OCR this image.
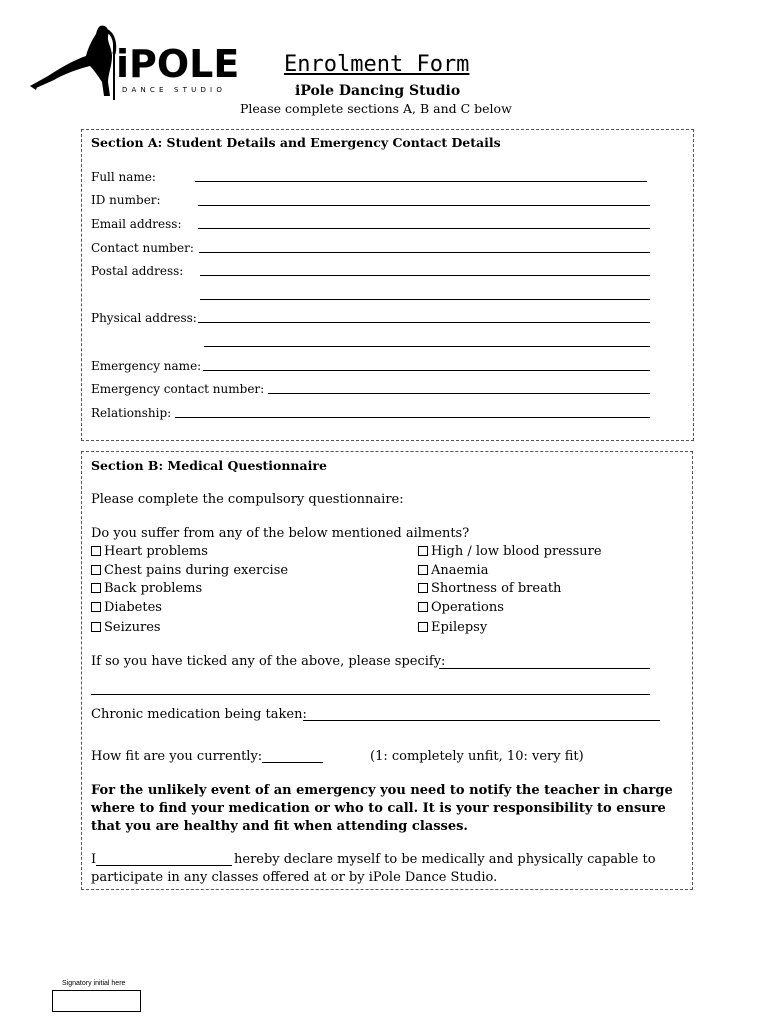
iPOLE
DANCE STUDIO
Enrolment Form
iPole Dancing Studio
Please complete sections A, B and C below
Section A: Student Details and Emergency Contact Details
Full name:
ID number:
Email address:
Contact number:
Postal address:
Physical address:
Emergency name:
Emergency contact number:
Relationship:
Section B: Medical Questionnaire
Please complete the compulsory questionnaire:
Do you suffer from any of the below mentioned ailments?
Heart problems
Chest pains during exercise
Back problems
Diabetes
Seizures
High / low blood pressure
Anaemia
Shortness of breath
Operations
Epilepsy
If so you have ticked any of the above, please specify:
Chronic medication being taken:
How fit are you currently:	(1: completely unfit, 10: very fit)
For the unlikely event of an emergency you need to notify the teacher in charge
where to find your medication or who to call. It is your responsibility to ensure
that you are healthy and fit when attending classes.
I	hereby declare myself to be medically and physically capable to
participate in any classes offered at or by iPole Dance Studio.
Signatory initial here
